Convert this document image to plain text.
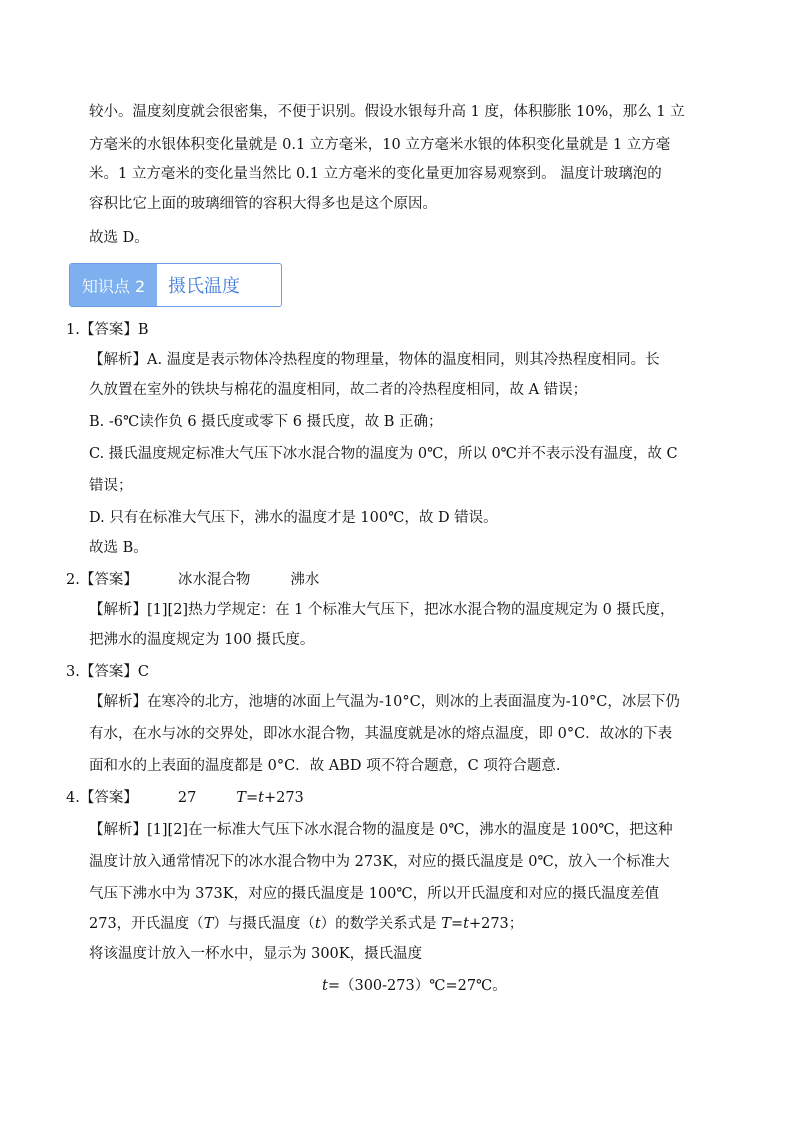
较小。温度刻度就会很密集，不便于识别。假设水银每升高 1 度，体积膨胀 10%，那么 1 立
方毫米的水银体积变化量就是 0.1 立方毫米，10 立方毫米水银的体积变化量就是 1 立方毫
米。1 立方毫米的变化量当然比 0.1 立方毫米的变化量更加容易观察到。 温度计玻璃泡的
容积比它上面的玻璃细管的容积大得多也是这个原因。
故选 D。
知识点 2	摄氏温度
1.【答案】B
【解析】A. 温度是表示物体冷热程度的物理量，物体的温度相同，则其冷热程度相同。长
久放置在室外的铁块与棉花的温度相同，故二者的冷热程度相同，故 A 错误；
B. -6℃读作负 6 摄氏度或零下 6 摄氏度，故 B 正确；
C. 摄氏温度规定标准大气压下冰水混合物的温度为 0℃，所以 0℃并不表示没有温度，故 C
错误；
D. 只有在标准大气压下，沸水的温度才是 100℃，故 D 错误。
故选 B。
2.【答案】	冰水混合物	沸水
【解析】[1][2]热力学规定：在 1 个标准大气压下，把冰水混合物的温度规定为 0 摄氏度，
把沸水的温度规定为 100 摄氏度。
3.【答案】C
【解析】在寒冷的北方，池塘的冰面上气温为-10°C，则冰的上表面温度为-10°C，冰层下仍
有水，在水与冰的交界处，即冰水混合物，其温度就是冰的熔点温度，即 0°C．故冰的下表
面和水的上表面的温度都是 0°C．故 ABD 项不符合题意，C 项符合题意.
4.【答案】	27	T=t+273
【解析】[1][2]在一标准大气压下冰水混合物的温度是 0℃，沸水的温度是 100℃，把这种
温度计放入通常情况下的冰水混合物中为 273K，对应的摄氏温度是 0℃，放入一个标准大
气压下沸水中为 373K，对应的摄氏温度是 100℃，所以开氏温度和对应的摄氏温度差值
273，开氏温度（T）与摄氏温度（t）的数学关系式是 T=t+273；
将该温度计放入一杯水中，显示为 300K，摄氏温度
t=（300-273）℃=27℃。
